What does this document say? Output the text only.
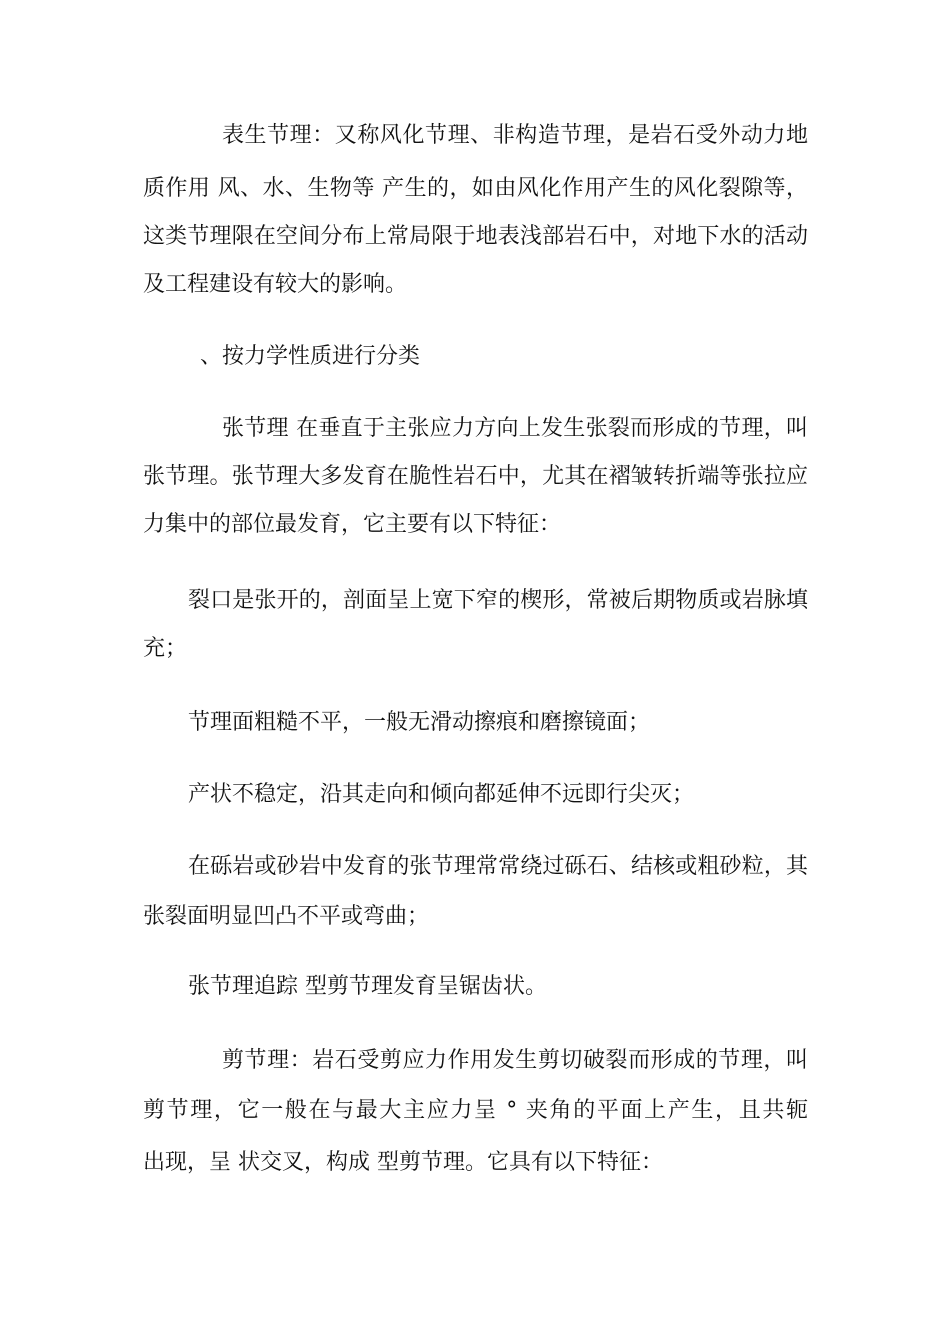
表生节理：又称风化节理、非构造节理，是岩石受外动力地
质作用 风、水、生物等 产生的，如由风化作用产生的风化裂隙等，
这类节理限在空间分布上常局限于地表浅部岩石中，对地下水的活动
及工程建设有较大的影响。
、按力学性质进行分类
张节理 在垂直于主张应力方向上发生张裂而形成的节理，叫
张节理。张节理大多发育在脆性岩石中，尤其在褶皱转折端等张拉应
力集中的部位最发育，它主要有以下特征：
裂口是张开的，剖面呈上宽下窄的楔形，常被后期物质或岩脉填
充；
节理面粗糙不平，一般无滑动擦痕和磨擦镜面；
产状不稳定，沿其走向和倾向都延伸不远即行尖灭；
在砾岩或砂岩中发育的张节理常常绕过砾石、结核或粗砂粒，其
张裂面明显凹凸不平或弯曲；
张节理追踪 型剪节理发育呈锯齿状。
剪节理：岩石受剪应力作用发生剪切破裂而形成的节理，叫
剪节理，它一般在与最大主应力呈 ° 夹角的平面上产生，且共轭
出现，呈 状交叉，构成 型剪节理。它具有以下特征：
